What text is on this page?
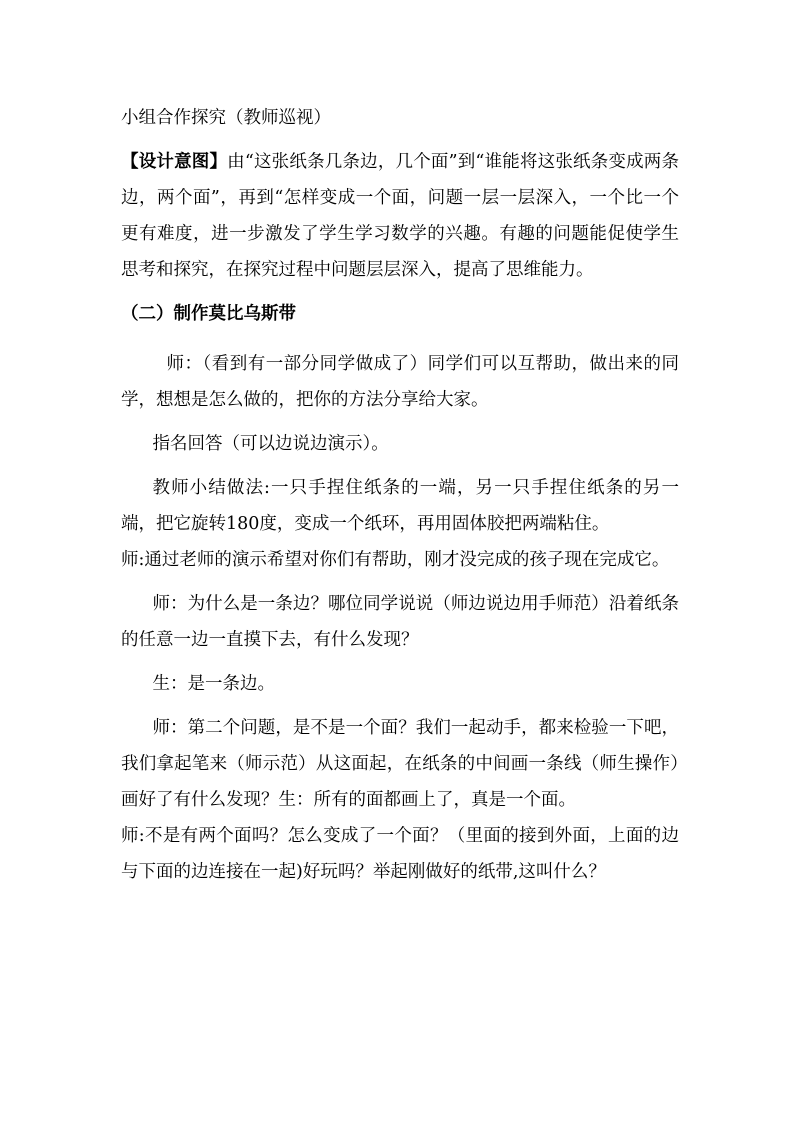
小组合作探究（教师巡视）

【设计意图】由“这张纸条几条边，几个面”到“谁能将这张纸条变成两条边，两个面”，再到“怎样变成一个面，问题一层一层深入，一个比一个更有难度，进一步激发了学生学习数学的兴趣。有趣的问题能促使学生思考和探究，在探究过程中问题层层深入，提高了思维能力。

（二）制作莫比乌斯带

师：（看到有一部分同学做成了）同学们可以互帮助，做出来的同学，想想是怎么做的，把你的方法分享给大家。

指名回答（可以边说边演示）。

教师小结做法:一只手捏住纸条的一端，另一只手捏住纸条的另一端，把它旋转180度，变成一个纸环，再用固体胶把两端粘住。

师:通过老师的演示希望对你们有帮助，刚才没完成的孩子现在完成它。

师：为什么是一条边？哪位同学说说（师边说边用手师范）沿着纸条的任意一边一直摸下去，有什么发现？

生：是一条边。

师：第二个问题，是不是一个面？我们一起动手，都来检验一下吧，我们拿起笔来（师示范）从这面起，在纸条的中间画一条线（师生操作）画好了有什么发现？生：所有的面都画上了，真是一个面。

师:不是有两个面吗？怎么变成了一个面？（里面的接到外面，上面的边与下面的边连接在一起)好玩吗？举起刚做好的纸带,这叫什么？
